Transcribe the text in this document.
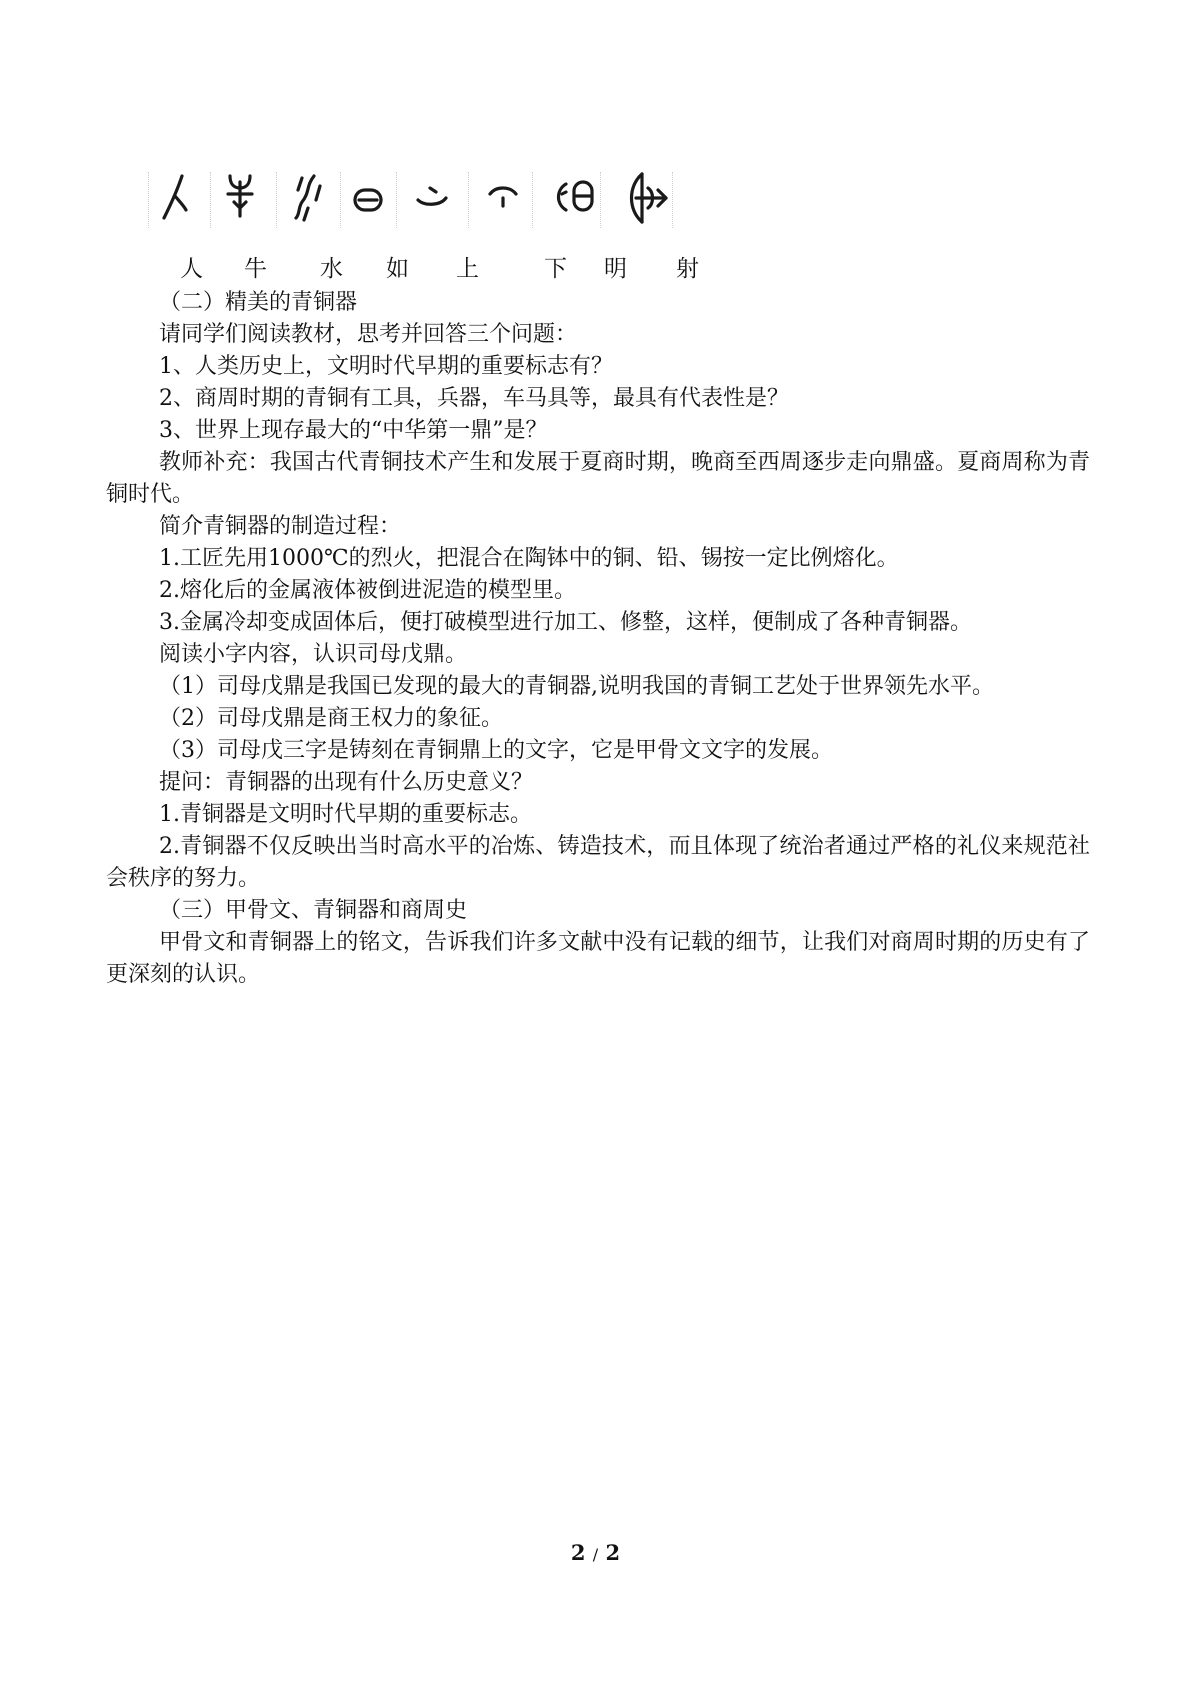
人 牛 水 如 上	下 明 射

（二）精美的青铜器

请同学们阅读教材，思考并回答三个问题：

1、人类历史上，文明时代早期的重要标志有？

2、商周时期的青铜有工具，兵器，车马具等，最具有代表性是？

3、世界上现存最大的“中华第一鼎”是？

教师补充：我国古代青铜技术产生和发展于夏商时期，晚商至西周逐步走向鼎盛。夏商周称为青铜时代。

简介青铜器的制造过程：

1.工匠先用1000℃的烈火，把混合在陶钵中的铜、铅、锡按一定比例熔化。

2.熔化后的金属液体被倒进泥造的模型里。

3.金属冷却变成固体后，便打破模型进行加工、修整，这样，便制成了各种青铜器。

阅读小字内容，认识司母戊鼎。

（1）司母戊鼎是我国已发现的最大的青铜器,说明我国的青铜工艺处于世界领先水平。

（2）司母戊鼎是商王权力的象征。

（3）司母戊三字是铸刻在青铜鼎上的文字，它是甲骨文文字的发展。

提问：青铜器的出现有什么历史意义？

1.青铜器是文明时代早期的重要标志。

2.青铜器不仅反映出当时高水平的冶炼、铸造技术，而且体现了统治者通过严格的礼仪来规范社会秩序的努力。

（三）甲骨文、青铜器和商周史

甲骨文和青铜器上的铭文，告诉我们许多文献中没有记载的细节，让我们对商周时期的历史有了更深刻的认识。

2 / 2
